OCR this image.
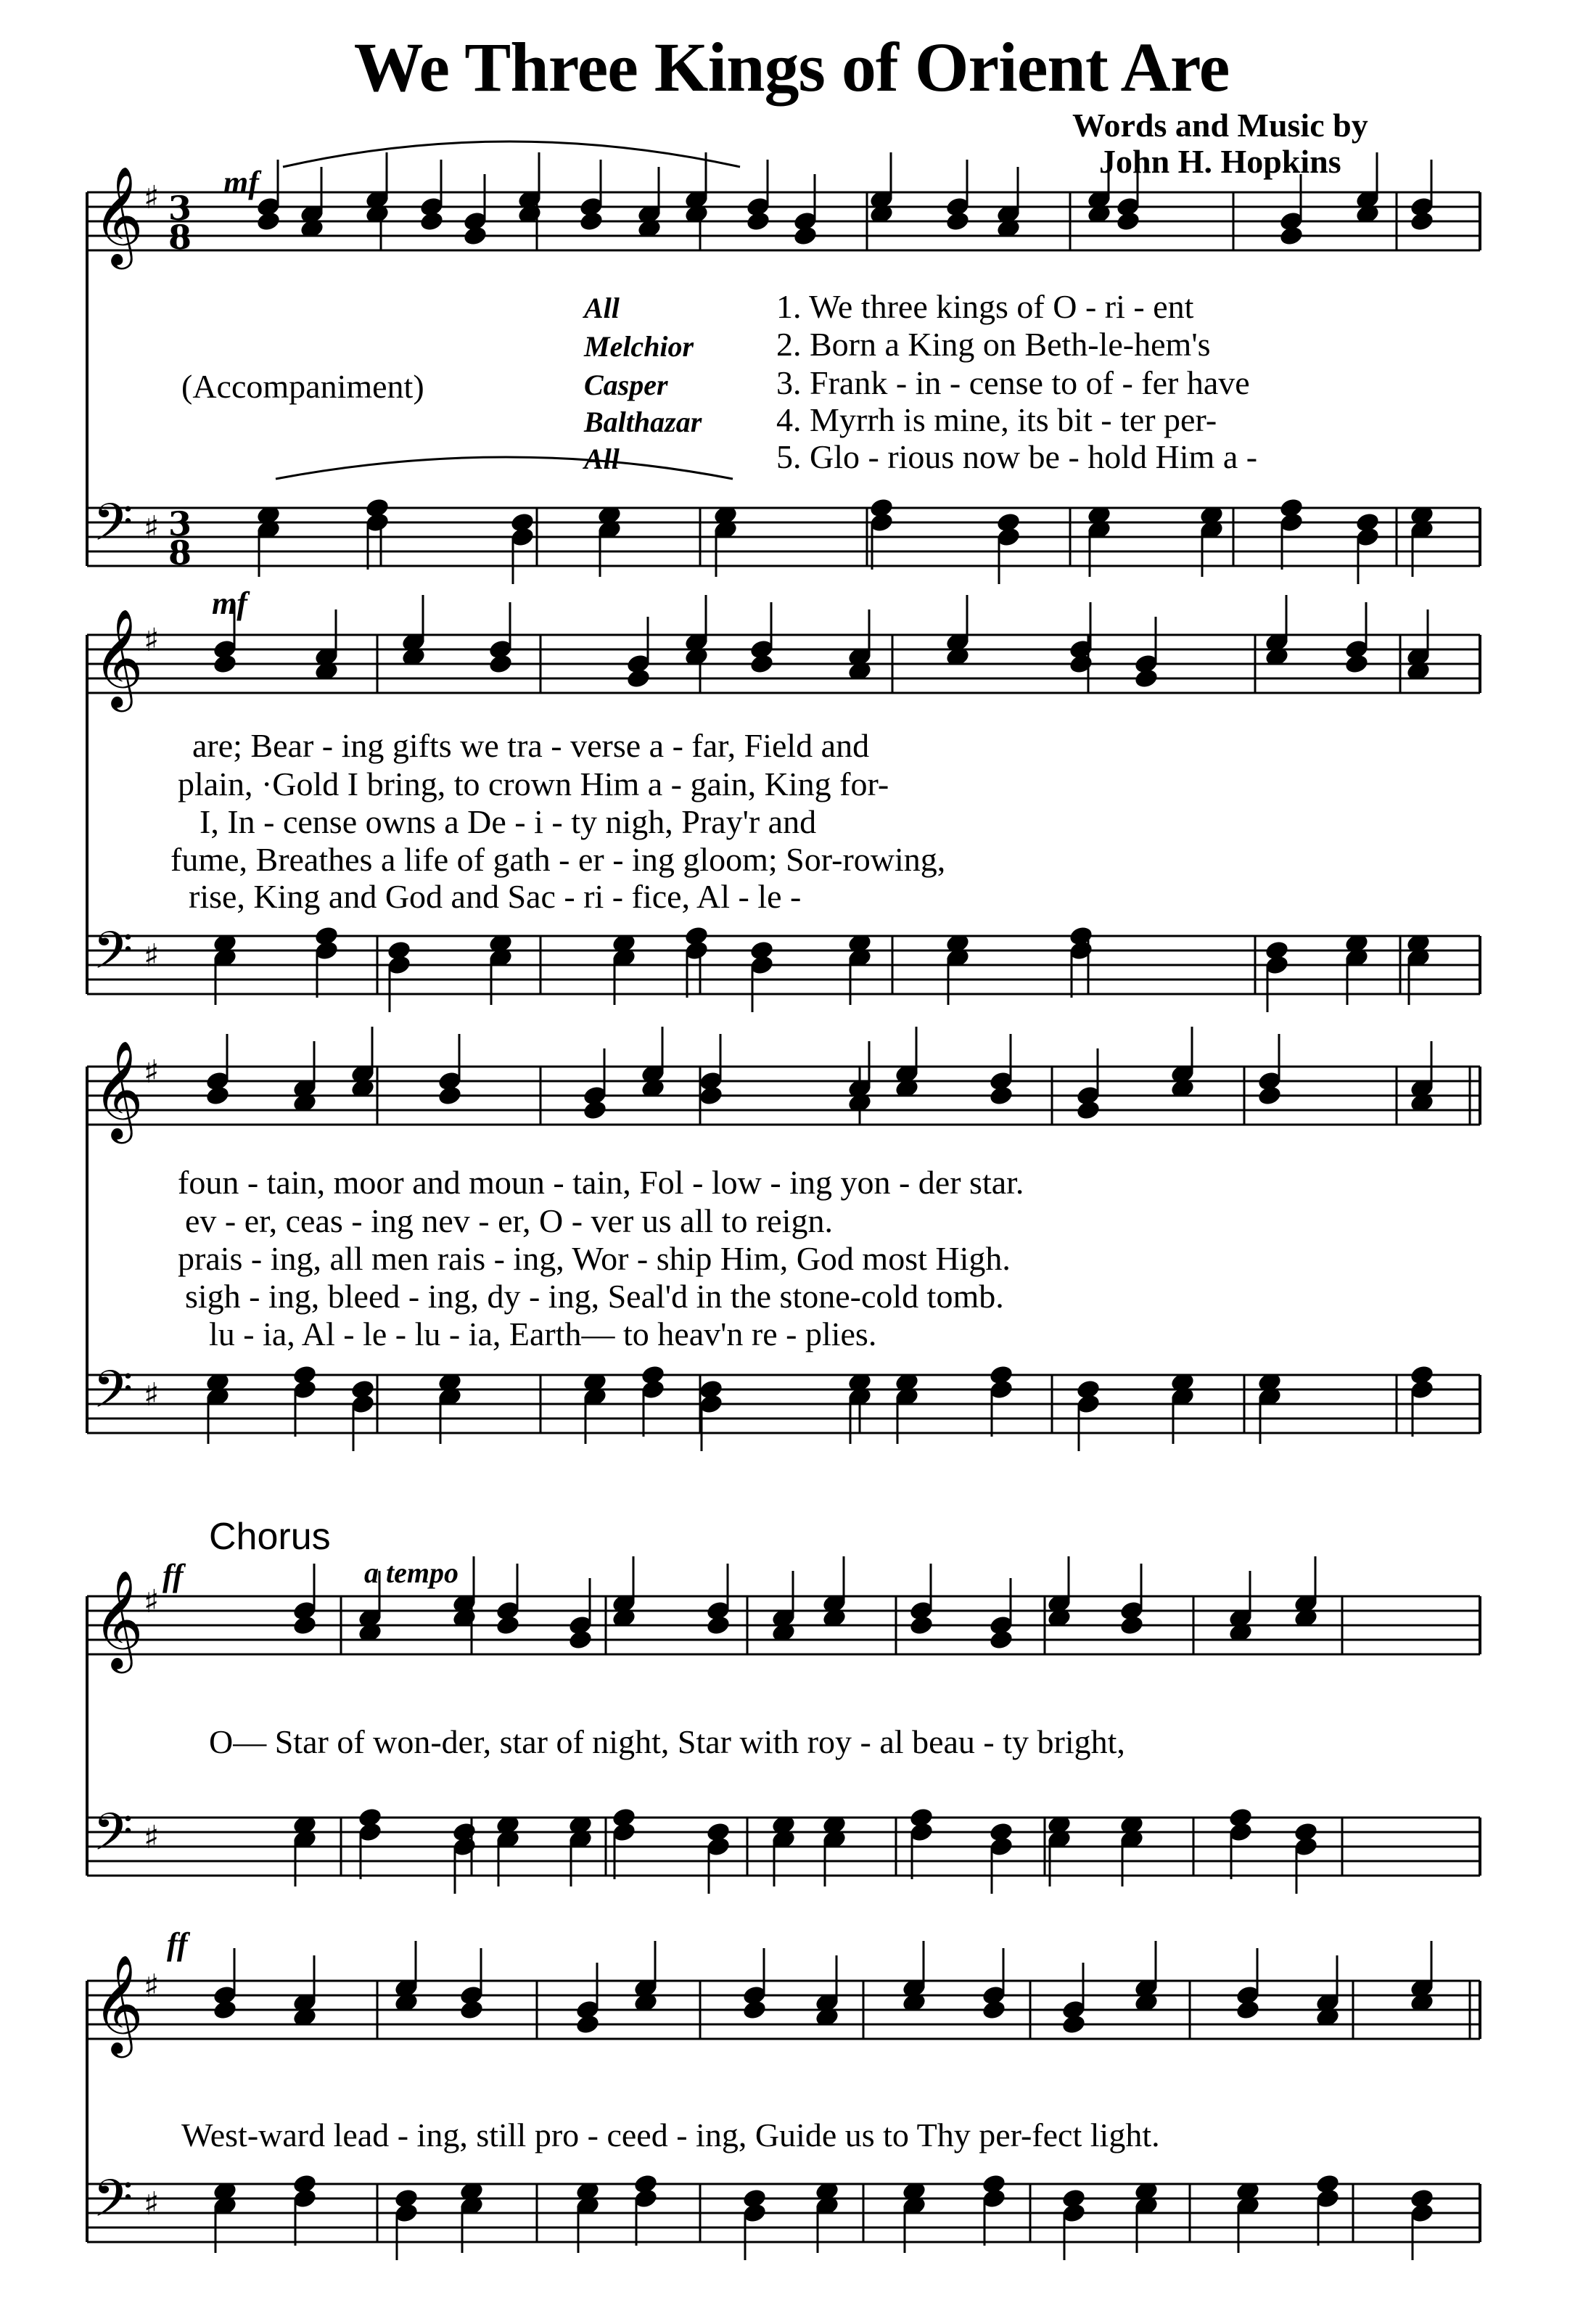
𝄞 ♯
𝄢 ♯
𝄞 ♯
𝄢 ♯
𝄞 ♯
𝄢 ♯
𝄞 ♯
𝄢 ♯
𝄞 ♯
𝄢 ♯
3
8
3
8
We Three Kings of Orient Are
Words and Music by
John H. Hopkins
mf
mf
(Accompaniment)
All
Melchior
Casper
Balthazar
All
1. We three kings of O - ri - ent
2. Born a King on Beth-le-hem's
3. Frank - in - cense to of - fer have
4. Myrrh is mine, its bit - ter per-
5. Glo - rious now be - hold Him a -
are; Bear - ing gifts we tra - verse a - far, Field and
plain, ·Gold I bring, to crown Him a - gain, King for-
I, In - cense owns a De - i - ty nigh, Pray'r and
fume, Breathes a life of gath - er - ing gloom; Sor-rowing,
rise, King and God and Sac - ri - fice, Al - le -
foun - tain, moor and moun - tain, Fol - low - ing yon - der star.
ev - er, ceas - ing nev - er, O - ver us all to reign.
prais - ing, all men rais - ing, Wor - ship Him, God most High.
sigh - ing, bleed - ing, dy - ing, Seal'd in the stone-cold tomb.
lu - ia, Al - le - lu - ia, Earth— to heav'n re - plies.
Chorus
ff	a tempo
O— Star of won-der, star of night, Star with roy - al beau - ty bright,
ff
West-ward lead - ing, still pro - ceed - ing, Guide us to Thy per-fect light.
